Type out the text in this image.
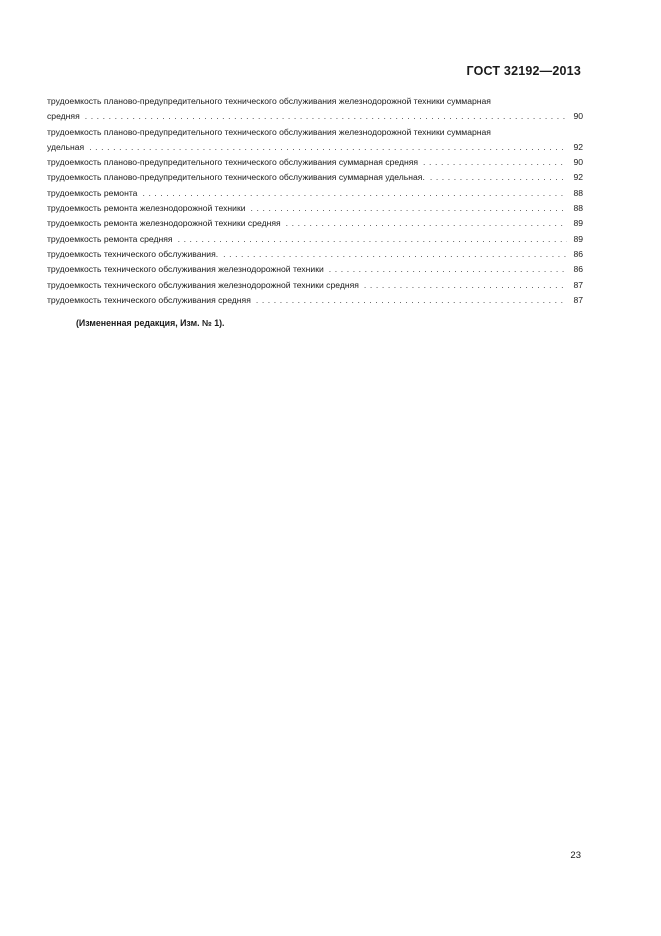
ГОСТ 32192—2013
трудоемкость планово-предупредительного технического обслуживания железнодорожной техники суммарная
средняя . . .	90
трудоемкость планово-предупредительного технического обслуживания железнодорожной техники суммарная
удельная . . .	92
трудоемкость планово-предупредительного технического обслуживания суммарная средняя . . .	90
трудоемкость планово-предупредительного технического обслуживания суммарная удельная. . . .	92
трудоемкость ремонта . . .	88
трудоемкость ремонта железнодорожной техники . . .	88
трудоемкость ремонта железнодорожной техники средняя . . .	89
трудоемкость ремонта средняя . . .	89
трудоемкость технического обслуживания. . . .	86
трудоемкость технического обслуживания железнодорожной техники . . .	86
трудоемкость технического обслуживания железнодорожной техники средняя . . .	87
трудоемкость технического обслуживания средняя . . .	87
(Измененная редакция, Изм. № 1).
23
